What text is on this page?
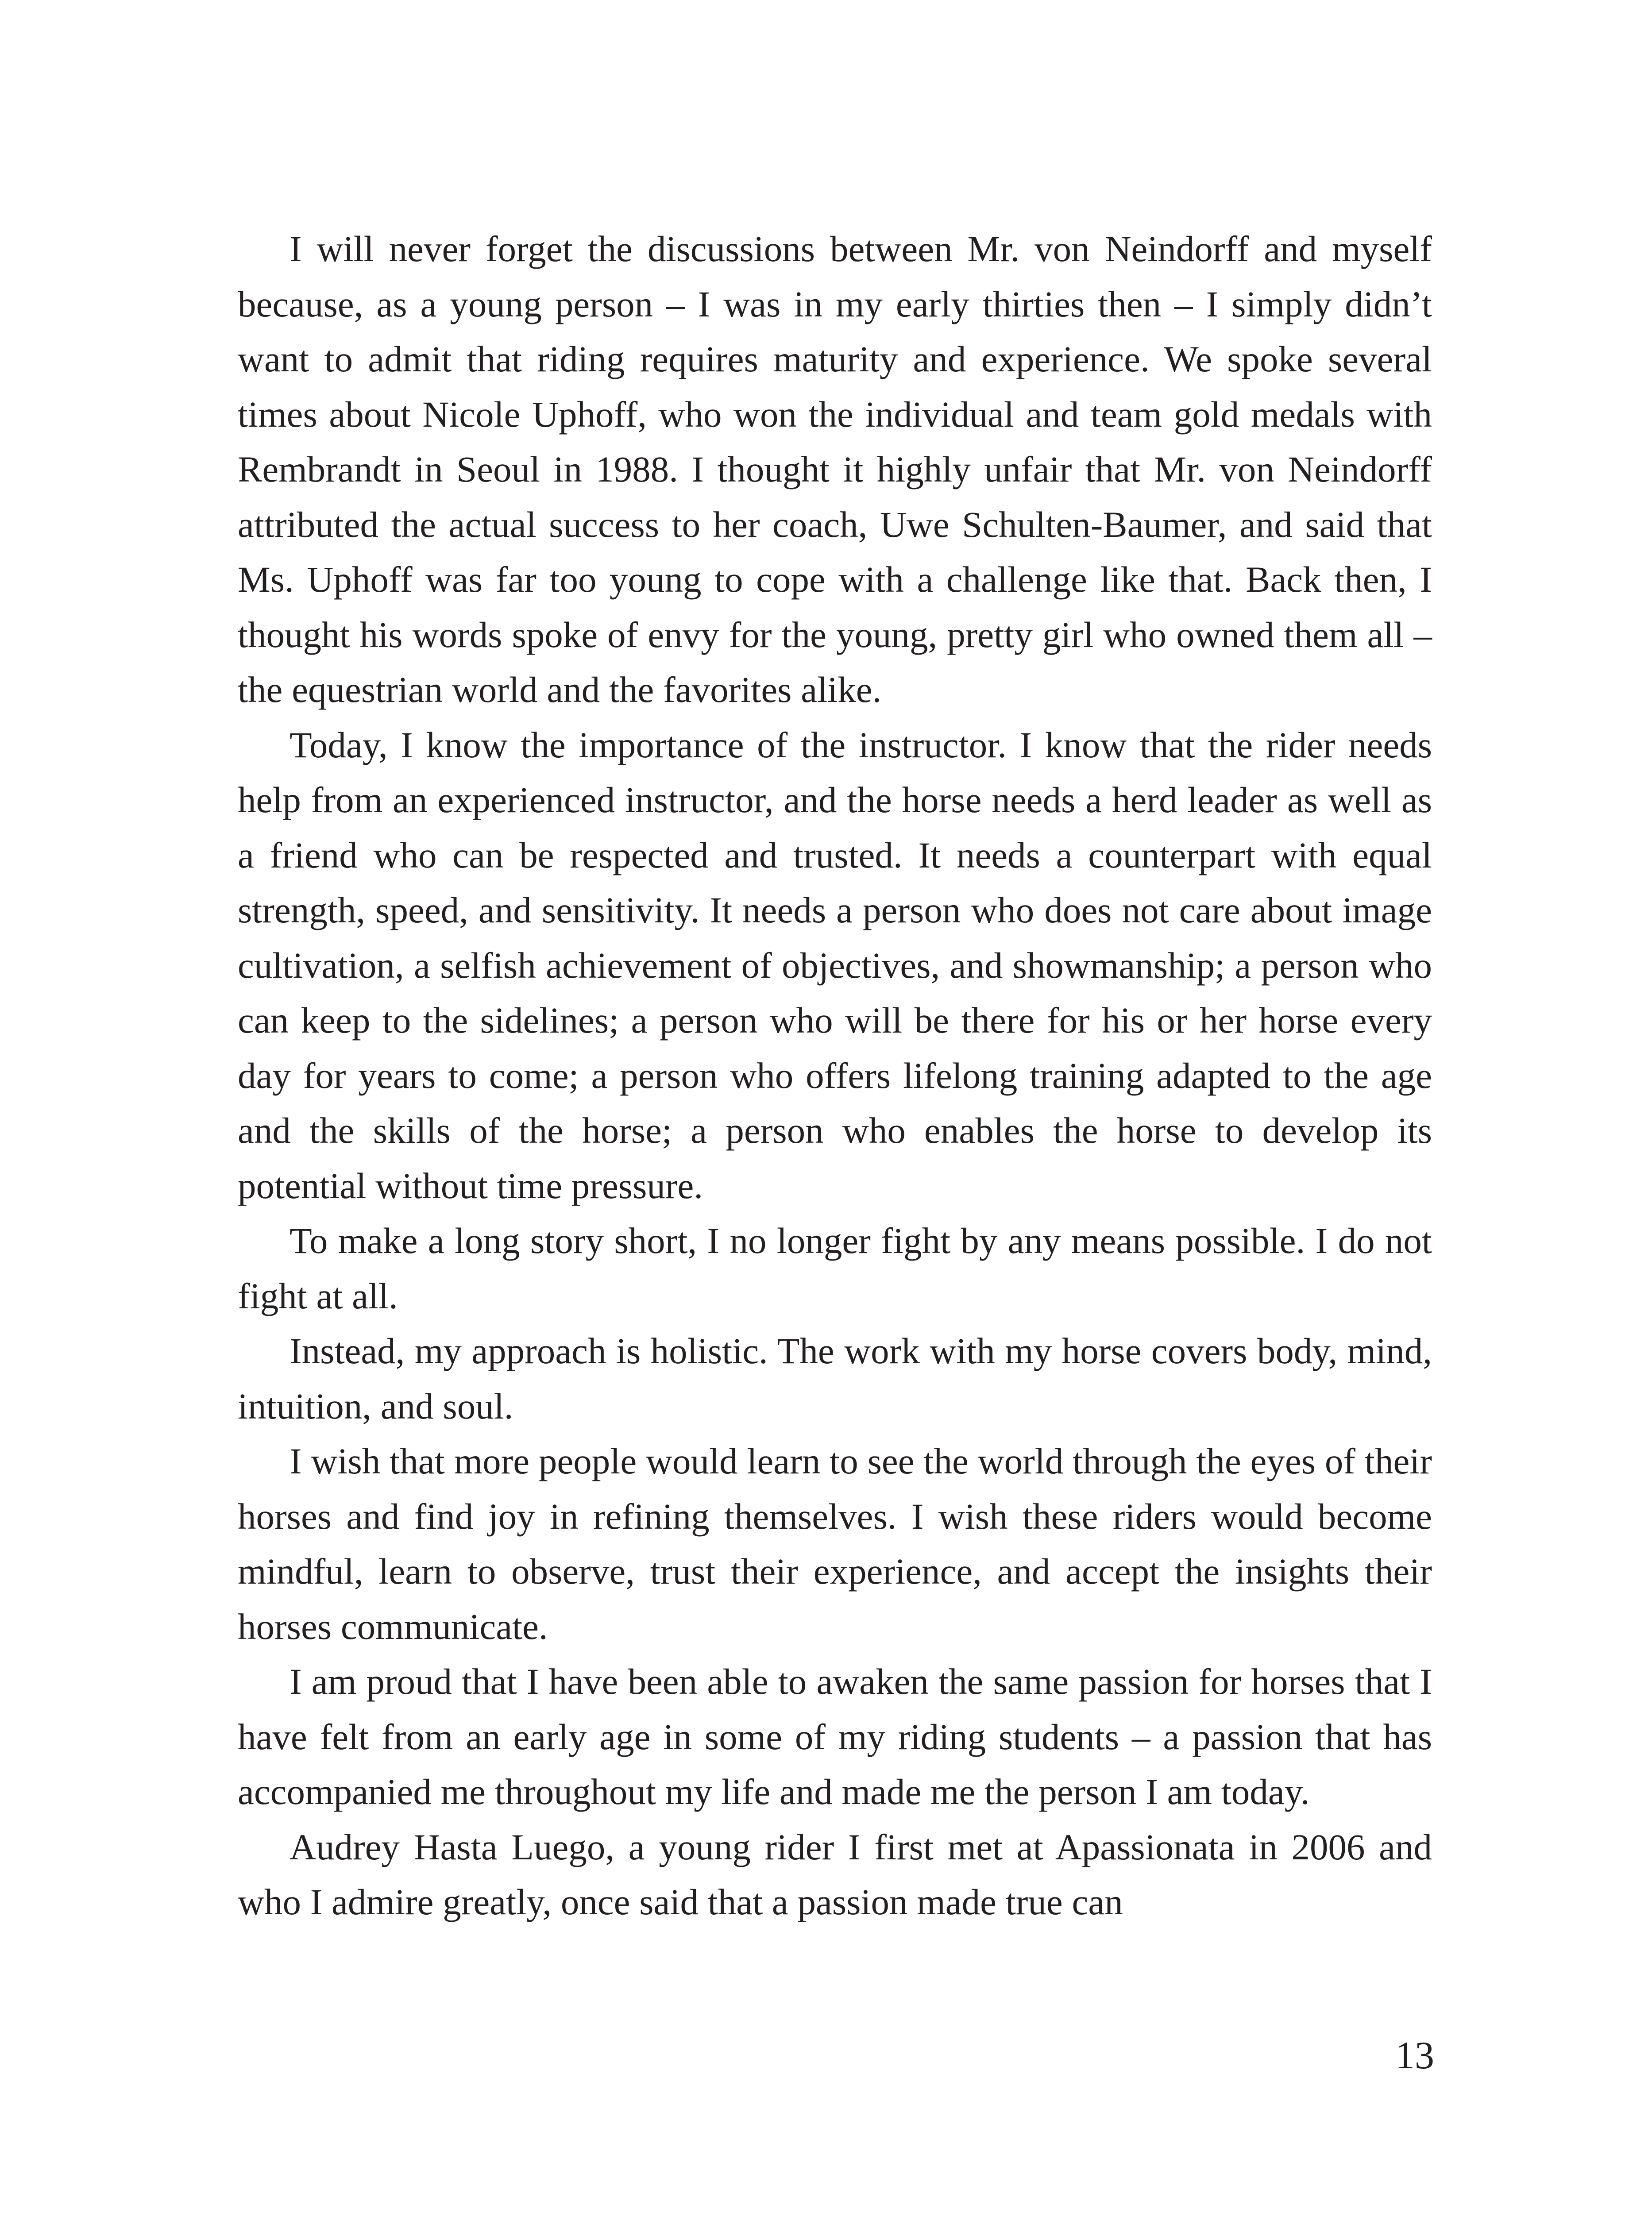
I will never forget the discussions between Mr. von Neindorff and myself because, as a young person – I was in my early thirties then – I simply didn’t want to admit that riding requires maturity and experience. We spoke several times about Nicole Uphoff, who won the individual and team gold medals with Rembrandt in Seoul in 1988. I thought it highly unfair that Mr. von Neindorff attributed the actual success to her coach, Uwe Schulten-Baumer, and said that Ms. Uphoff was far too young to cope with a challenge like that. Back then, I thought his words spoke of envy for the young, pretty girl who owned them all – the equestrian world and the favorites alike.

Today, I know the importance of the instructor. I know that the rider needs help from an experienced instructor, and the horse needs a herd leader as well as a friend who can be respected and trusted. It needs a counterpart with equal strength, speed, and sensitivity. It needs a person who does not care about image cultivation, a selfish achievement of objectives, and showmanship; a person who can keep to the sidelines; a person who will be there for his or her horse every day for years to come; a person who offers lifelong training adapted to the age and the skills of the horse; a person who enables the horse to develop its potential without time pressure.

To make a long story short, I no longer fight by any means possible. I do not fight at all.

Instead, my approach is holistic. The work with my horse covers body, mind, intuition, and soul.

I wish that more people would learn to see the world through the eyes of their horses and find joy in refining themselves. I wish these riders would become mindful, learn to observe, trust their experience, and accept the insights their horses communicate.

I am proud that I have been able to awaken the same passion for horses that I have felt from an early age in some of my riding students – a passion that has accompanied me throughout my life and made me the person I am today.

Audrey Hasta Luego, a young rider I first met at Apassionata in 2006 and who I admire greatly, once said that a passion made true can

13
